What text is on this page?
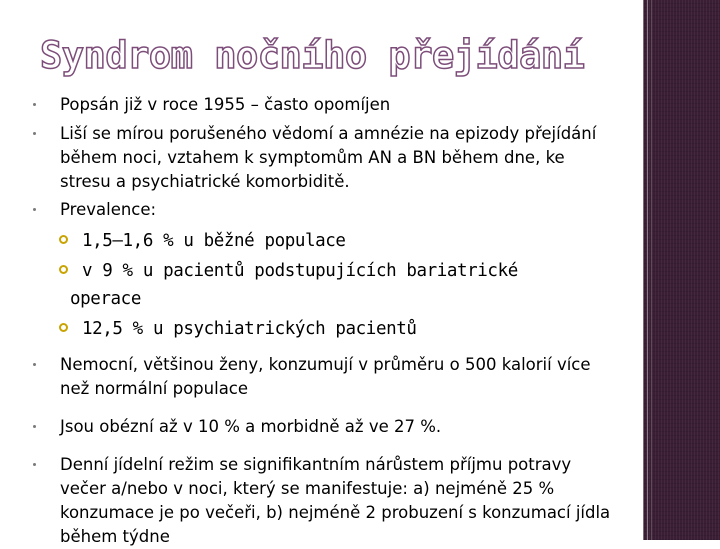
Syndrom nočního přejídání
Popsán již v roce 1955 – často opomíjen
Liší se mírou porušeného vědomí a amnézie na epizody přejídání během noci, vztahem k symptomům AN a BN během dne, ke stresu a psychiatrické komorbiditě.
Prevalence:
1,5–1,6 % u běžné populace
v 9 % u pacientů podstupujících bariatrické
operace
12,5 % u psychiatrických pacientů
Nemocní, většinou ženy, konzumují v průměru o 500 kalorií více než normální populace
Jsou obézní až v 10 % a morbidně až ve 27 %.
Denní jídelní režim se signifikantním nárůstem příjmu potravy večer a/nebo v noci, který se manifestuje: a) nejméně 25 % konzumace je po večeři, b) nejméně 2 probuzení s konzumací jídla během týdne
